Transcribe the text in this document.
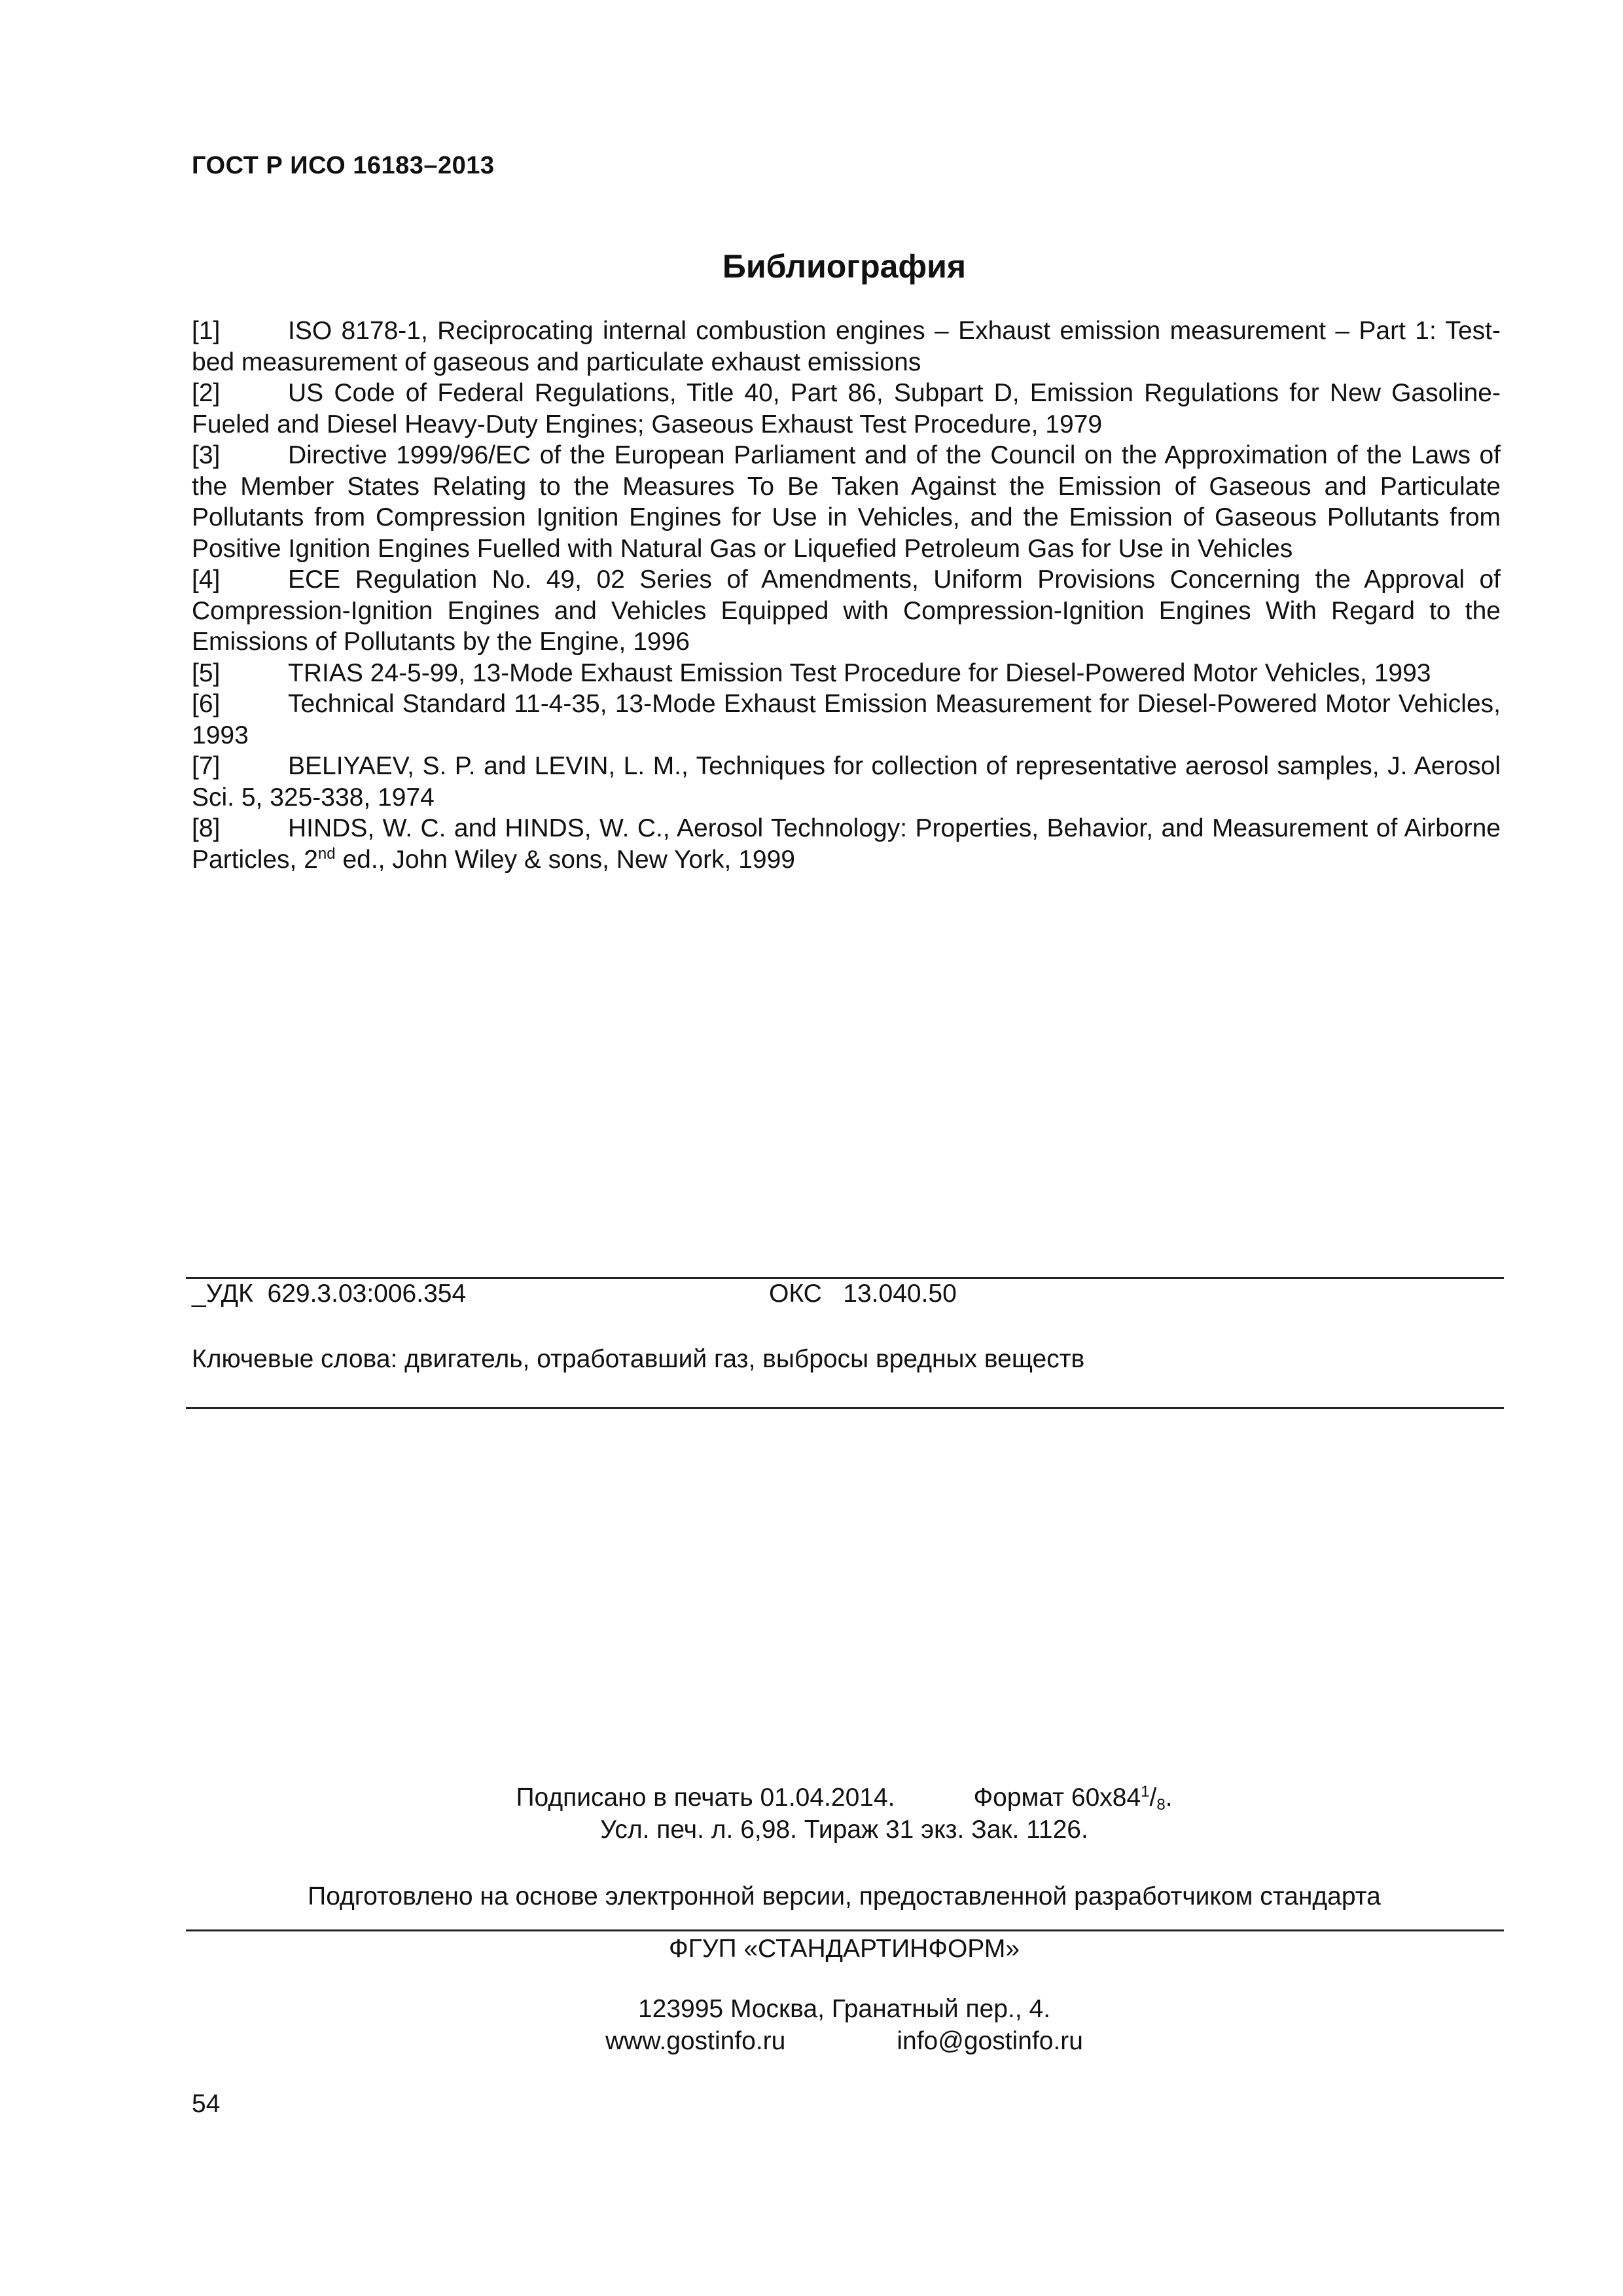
ГОСТ Р ИСО 16183–2013
Библиография

[1]	ISO 8178-1, Reciprocating internal combustion engines – Exhaust emission measurement – Part 1: Test-bed measurement of gaseous and particulate exhaust emissions

[2]	US Code of Federal Regulations, Title 40, Part 86, Subpart D, Emission Regulations for New Gasoline- Fueled and Diesel Heavy-Duty Engines; Gaseous Exhaust Test Procedure, 1979

[3]	Directive 1999/96/EC of the European Parliament and of the Council on the Approximation of the Laws of the Member States Relating to the Measures To Be Taken Against the Emission of Gaseous and Particulate Pollutants from Compression Ignition Engines for Use in Vehicles, and the Emission of Gaseous Pollutants from Positive Ignition Engines Fuelled with Natural Gas or Liquefied Petroleum Gas for Use in Vehicles

[4]	ECE Regulation No. 49, 02 Series of Amendments, Uniform Provisions Concerning the Approval of Compression-Ignition Engines and Vehicles Equipped with Compression-Ignition Engines With Regard to the Emissions of Pollutants by the Engine, 1996

[5]	TRIAS 24-5-99, 13-Mode Exhaust Emission Test Procedure for Diesel-Powered Motor Vehicles, 1993

[6]	Technical Standard 11-4-35, 13-Mode Exhaust Emission Measurement for Diesel-Powered Motor Vehicles, 1993

[7]	BELIYAEV, S. P. and LEVIN, L. M., Techniques for collection of representative aerosol samples, J. Aerosol Sci. 5, 325-338, 1974

[8]	HINDS, W. C. and HINDS, W. C., Aerosol Technology: Properties, Behavior, and Measurement of Airborne Particles, 2nd ed., John Wiley & sons, New York, 1999

_УДК  629.3.03:006.354	ОКС   13.040.50
Ключевые слова: двигатель, отработавший газ, выбросы вредных веществ
Подписано в печать 01.04.2014.	Формат $60х84^1/_8$.
Усл. печ. л. 6,98. Тираж 31 экз. Зак. 1126.
Подготовлено на основе электронной версии, предоставленной разработчиком стандарта
ФГУП «СТАНДАРТИНФОРМ»
123995 Москва, Гранатный пер., 4.
www.gostinfo.ru	info@gostinfo.ru
54
